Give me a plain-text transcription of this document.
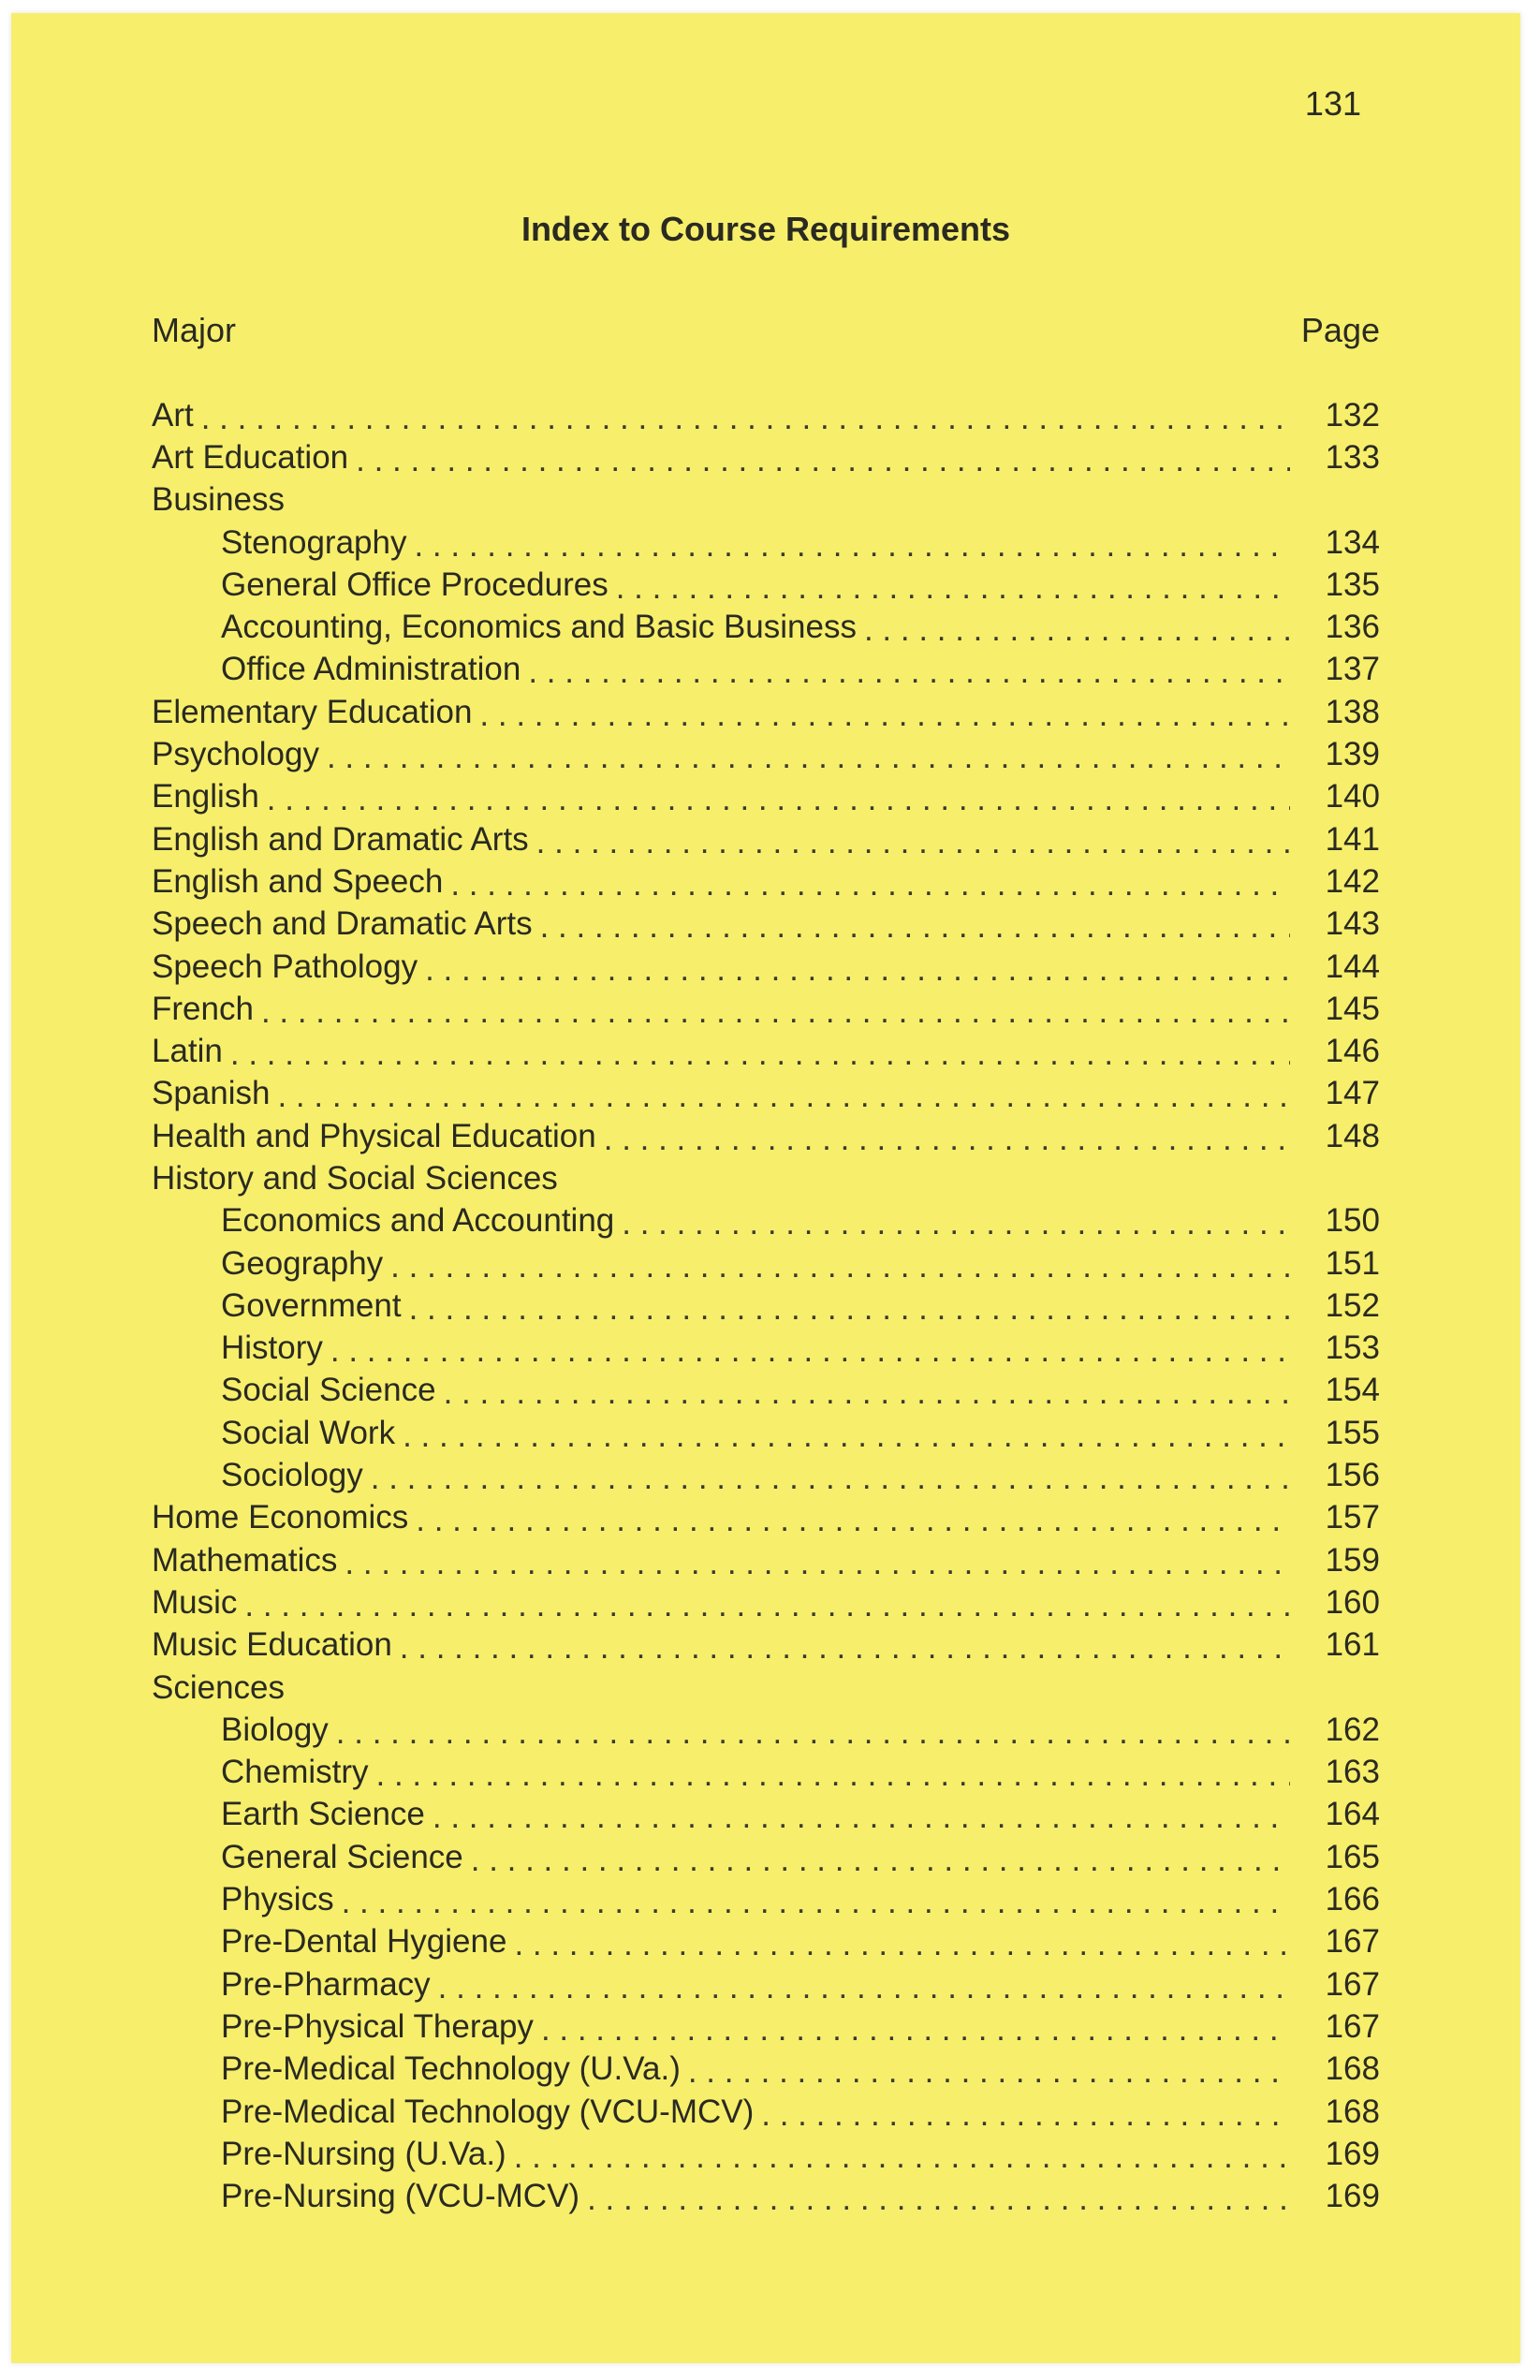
131
Index to Course Requirements
Major	Page
Art . . .	132
Art Education . . .	133
Business
Stenography . . .	134
General Office Procedures . . .	135
Accounting, Economics and Basic Business . . .	136
Office Administration . . .	137
Elementary Education . . .	138
Psychology . . .	139
English . . .	140
English and Dramatic Arts . . .	141
English and Speech . . .	142
Speech and Dramatic Arts . . .	143
Speech Pathology . . .	144
French . . .	145
Latin . . .	146
Spanish . . .	147
Health and Physical Education . . .	148
History and Social Sciences
Economics and Accounting . . .	150
Geography . . .	151
Government . . .	152
History . . .	153
Social Science . . .	154
Social Work . . .	155
Sociology . . .	156
Home Economics . . .	157
Mathematics . . .	159
Music . . .	160
Music Education . . .	161
Sciences
Biology . . .	162
Chemistry . . .	163
Earth Science . . .	164
General Science . . .	165
Physics . . .	166
Pre-Dental Hygiene . . .	167
Pre-Pharmacy . . .	167
Pre-Physical Therapy . . .	167
Pre-Medical Technology (U.Va.) . . .	168
Pre-Medical Technology (VCU-MCV) . . .	168
Pre-Nursing (U.Va.) . . .	169
Pre-Nursing (VCU-MCV) . . .	169
